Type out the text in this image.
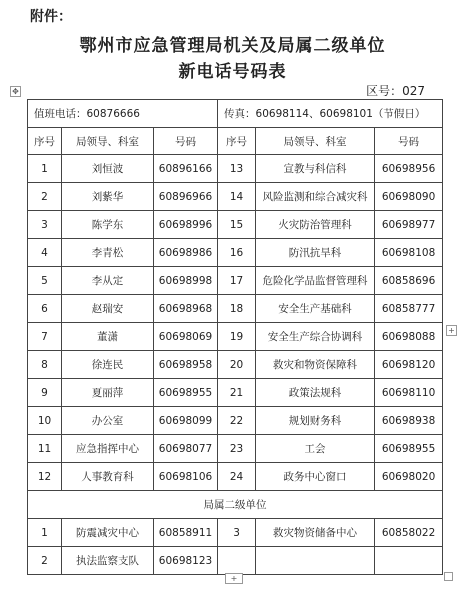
附件：
鄂州市应急管理局机关及局属二级单位
新电话号码表
区号：027
✥
值班电话：60876666			传真：60698114、60698101（节假日）		
序号	局领导、科室	号码	序号	局领导、科室	号码
1	刘恒波	60896166	13	宣教与科信科	60698956
2	刘紫华	60896966	14	风险监测和综合减灾科	60698090
3	陈学东	60698996	15	火灾防治管理科	60698977
4	李青松	60698986	16	防汛抗旱科	60698108
5	李从定	60698998	17	危险化学品监督管理科	60858696
6	赵瑞安	60698968	18	安全生产基础科	60858777
7	董潇	60698069	19	安全生产综合协调科	60698088
8	徐连民	60698958	20	救灾和物资保障科	60698120
9	夏丽萍	60698955	21	政策法规科	60698110
10	办公室	60698099	22	规划财务科	60698938
11	应急指挥中心	60698077	23	工会	60698955
12	人事教育科	60698106	24	政务中心窗口	60698020
局属二级单位					
1	防震减灾中心	60858911	3	救灾物资储备中心	60858022
2	执法监察支队	60698123			
+
+
